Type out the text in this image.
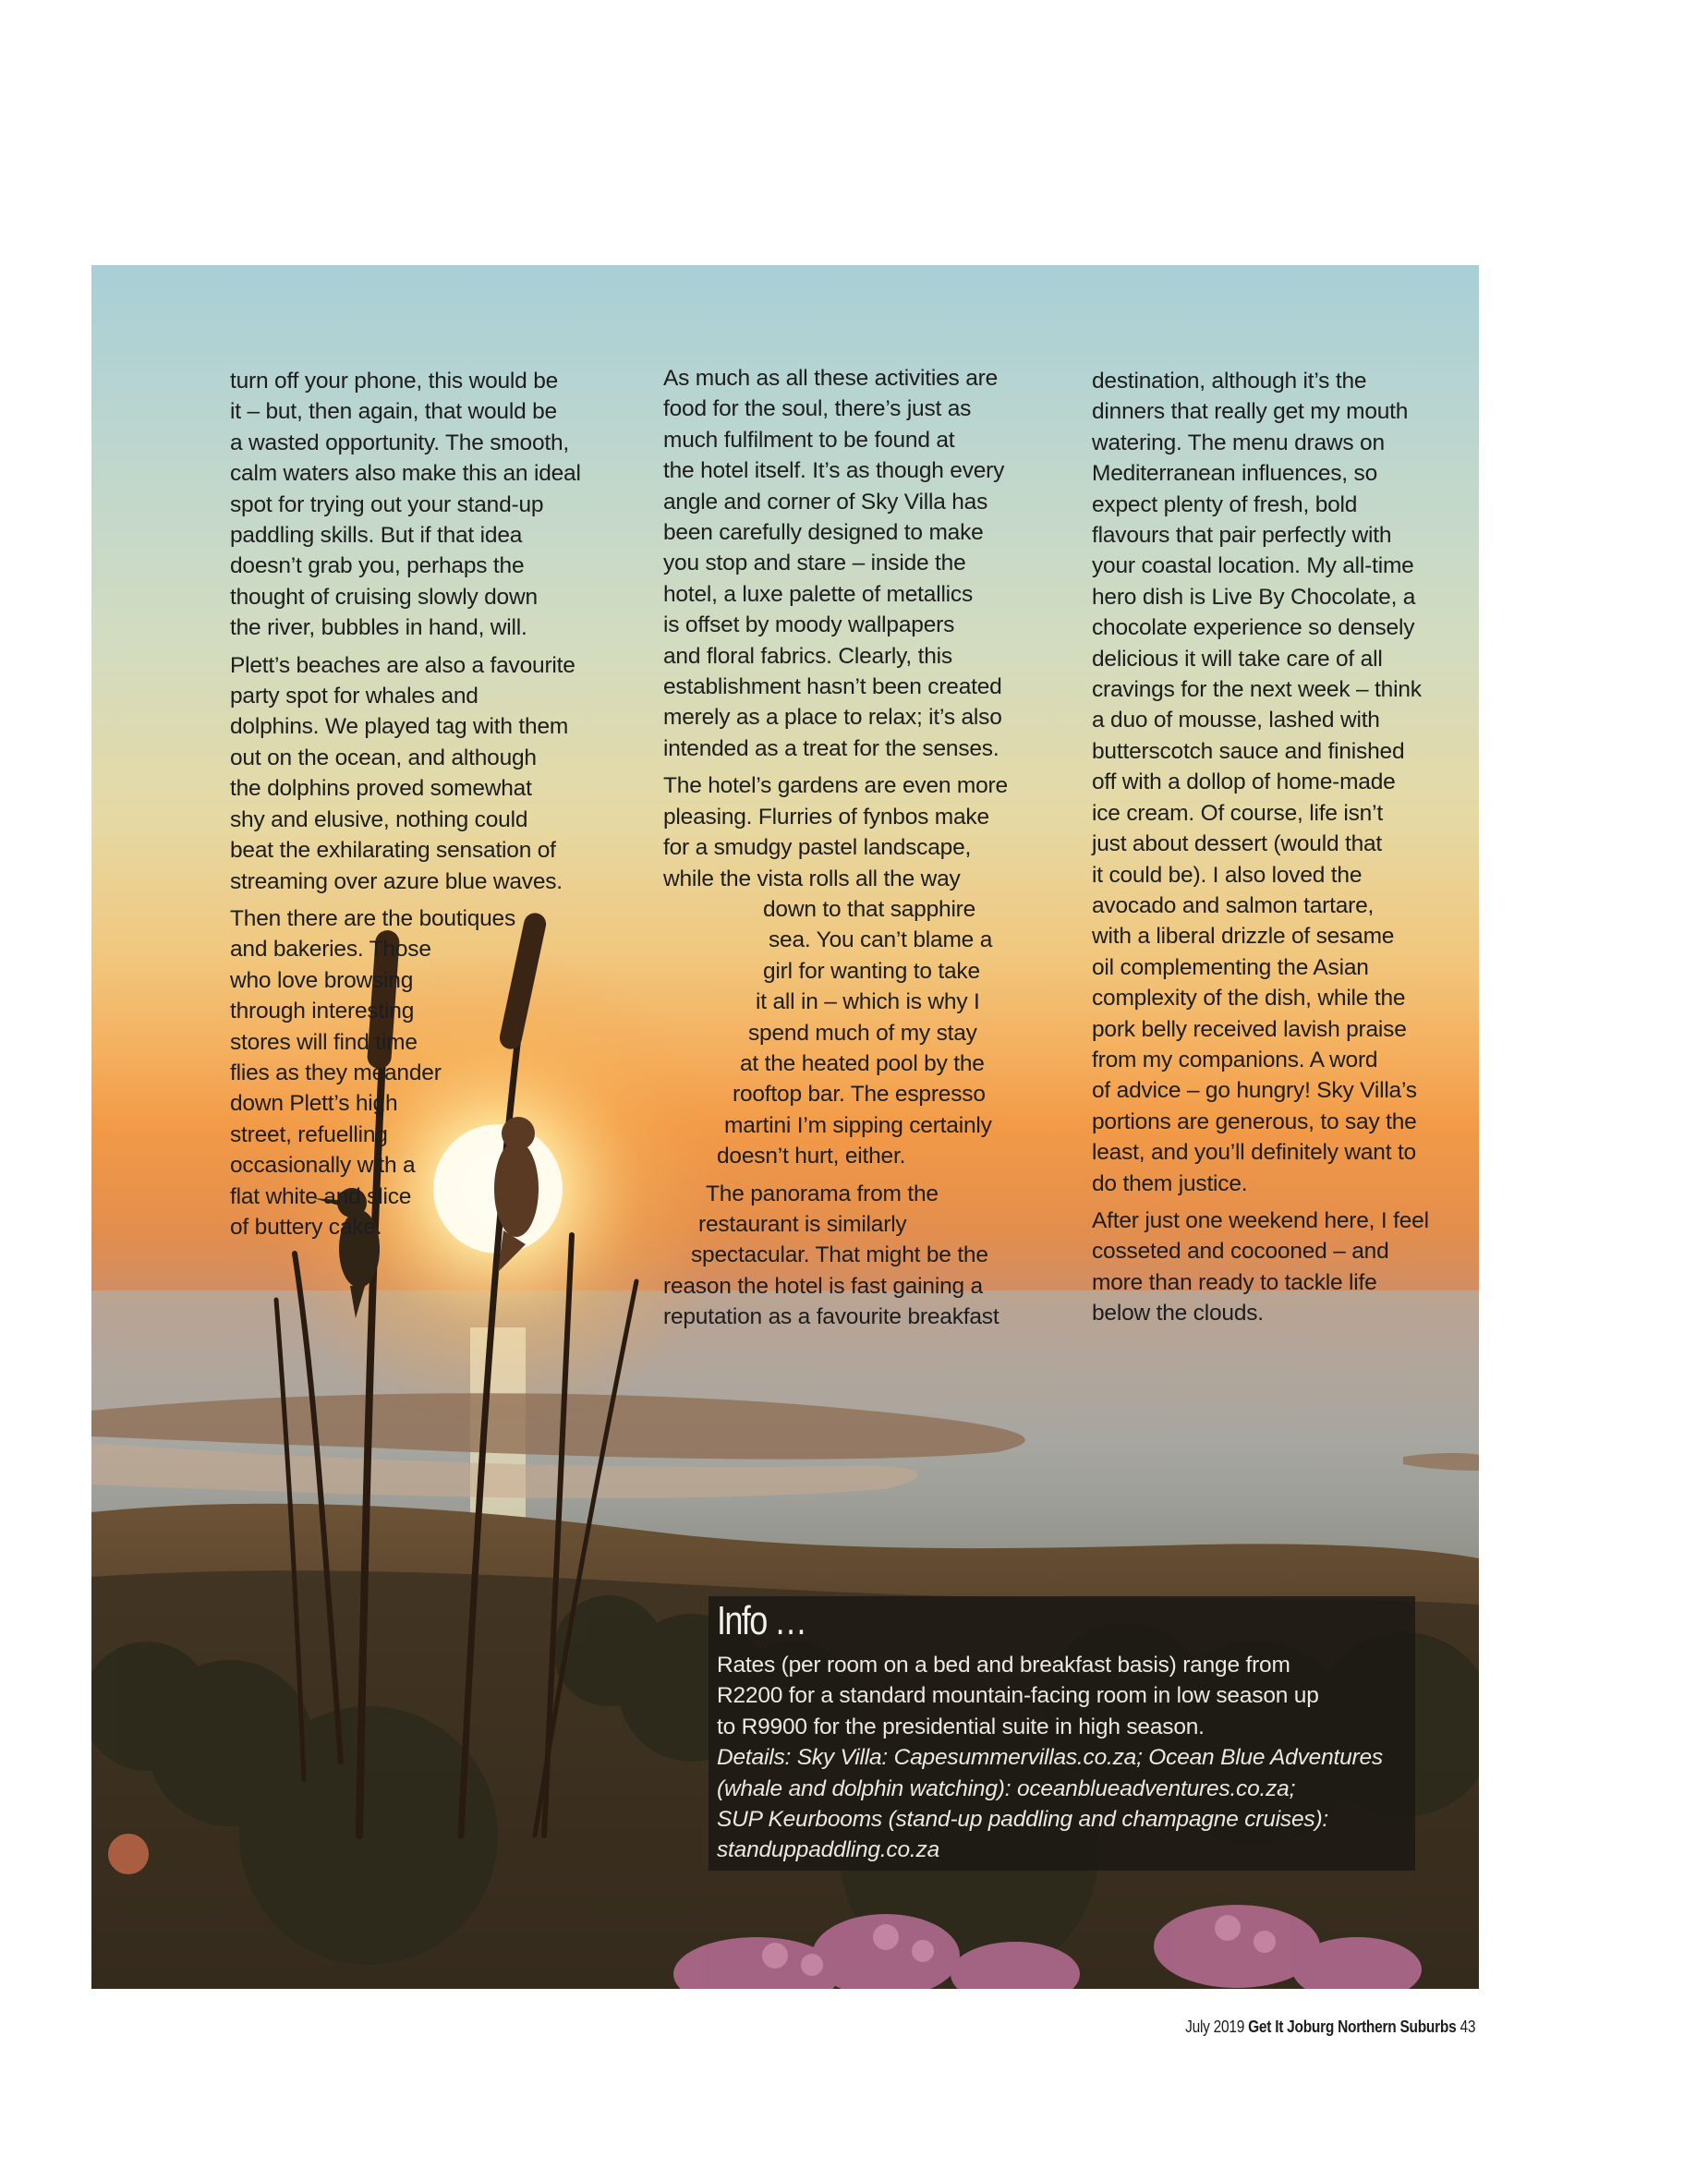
turn off your phone, this would be
it – but, then again, that would be
a wasted opportunity. The smooth,
calm waters also make this an ideal
spot for trying out your stand-up
paddling skills. But if that idea
doesn’t grab you, perhaps the
thought of cruising slowly down
the river, bubbles in hand, will.

Plett’s beaches are also a favourite
party spot for whales and
dolphins. We played tag with them
out on the ocean, and although
the dolphins proved somewhat
shy and elusive, nothing could
beat the exhilarating sensation of
streaming over azure blue waves.

Then there are the boutiques
and bakeries. Those
who love browsing
through interesting
stores will find time
flies as they meander
down Plett’s high
street, refuelling
occasionally with a
flat white and slice
of buttery cake.

As much as all these activities are
food for the soul, there’s just as
much fulfilment to be found at
the hotel itself. It’s as though every
angle and corner of Sky Villa has
been carefully designed to make
you stop and stare – inside the
hotel, a luxe palette of metallics
is offset by moody wallpapers
and floral fabrics. Clearly, this
establishment hasn’t been created
merely as a place to relax; it’s also
intended as a treat for the senses.

The hotel’s gardens are even more
pleasing. Flurries of fynbos make
for a smudgy pastel landscape,
while the vista rolls all the way
down to that sapphire
sea. You can’t blame a
girl for wanting to take
it all in – which is why I
spend much of my stay
at the heated pool by the
rooftop bar. The espresso
martini I’m sipping certainly
doesn’t hurt, either.

The panorama from the
restaurant is similarly
spectacular. That might be the
reason the hotel is fast gaining a
reputation as a favourite breakfast

destination, although it’s the
dinners that really get my mouth
watering. The menu draws on
Mediterranean influences, so
expect plenty of fresh, bold
flavours that pair perfectly with
your coastal location. My all-time
hero dish is Live By Chocolate, a
chocolate experience so densely
delicious it will take care of all
cravings for the next week – think
a duo of mousse, lashed with
butterscotch sauce and finished
off with a dollop of home-made
ice cream. Of course, life isn’t
just about dessert (would that
it could be). I also loved the
avocado and salmon tartare,
with a liberal drizzle of sesame
oil complementing the Asian
complexity of the dish, while the
pork belly received lavish praise
from my companions. A word
of advice – go hungry! Sky Villa’s
portions are generous, to say the
least, and you’ll definitely want to
do them justice.

After just one weekend here, I feel
cosseted and cocooned – and
more than ready to tackle life
below the clouds.

Info …
Rates (per room on a bed and breakfast basis) range from
R2200 for a standard mountain-facing room in low season up
to R9900 for the presidential suite in high season.
Details: Sky Villa: Capesummervillas.co.za; Ocean Blue Adventures
(whale and dolphin watching): oceanblueadventures.co.za;
SUP Keurbooms (stand-up paddling and champagne cruises):
standuppaddling.co.za
July 2019 Get It Joburg Northern Suburbs 43
